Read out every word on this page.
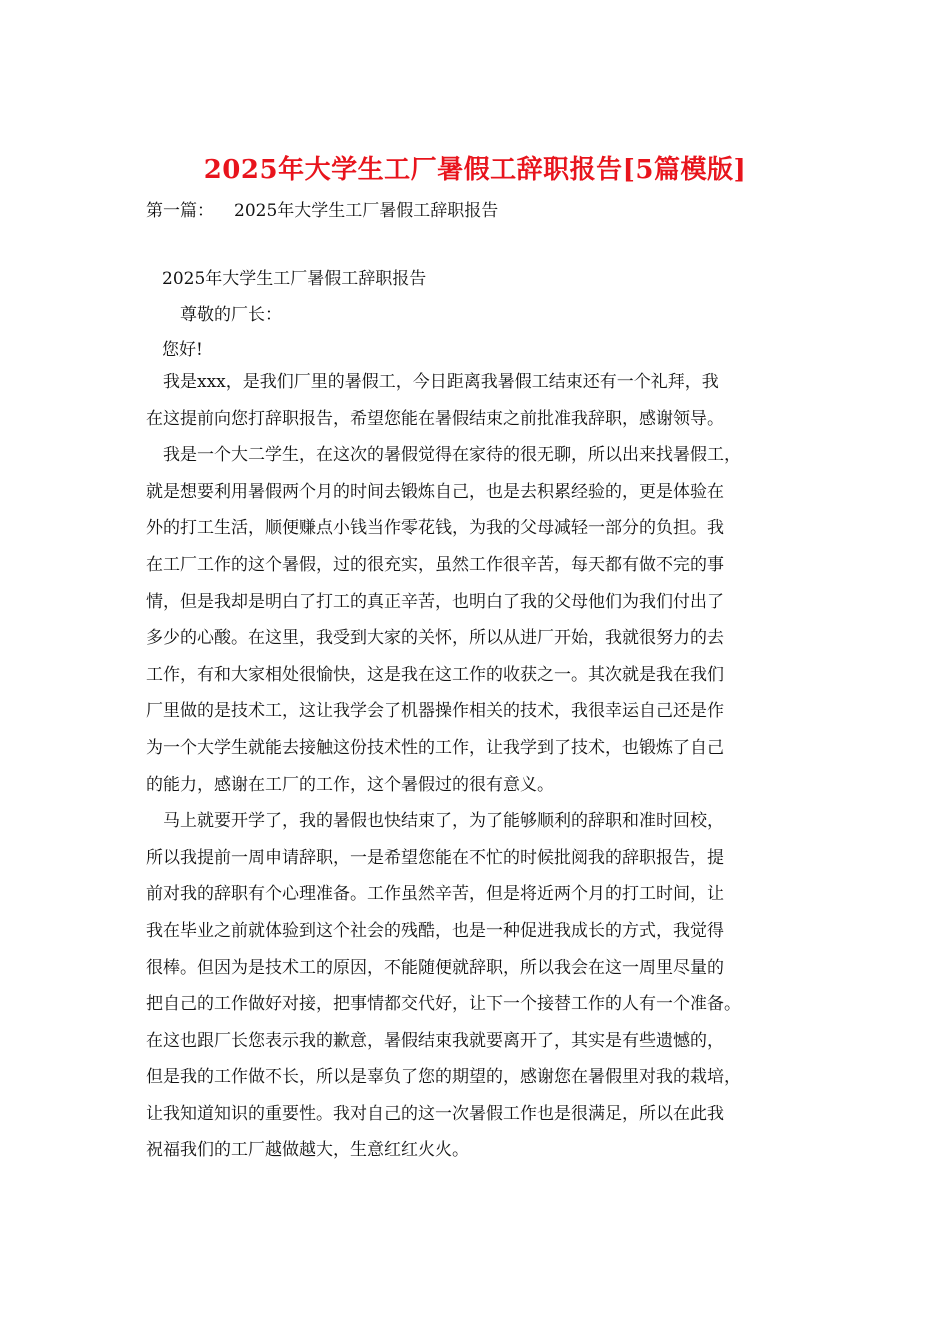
2025年大学生工厂暑假工辞职报告[5篇模版]
第一篇： 2025年大学生工厂暑假工辞职报告
2025年大学生工厂暑假工辞职报告
尊敬的厂长：
您好!
我是xxx，是我们厂里的暑假工，今日距离我暑假工结束还有一个礼拜，我
在这提前向您打辞职报告，希望您能在暑假结束之前批准我辞职，感谢领导。
我是一个大二学生，在这次的暑假觉得在家待的很无聊，所以出来找暑假工，
就是想要利用暑假两个月的时间去锻炼自己，也是去积累经验的，更是体验在
外的打工生活，顺便赚点小钱当作零花钱，为我的父母减轻一部分的负担。我
在工厂工作的这个暑假，过的很充实，虽然工作很辛苦，每天都有做不完的事
情，但是我却是明白了打工的真正辛苦，也明白了我的父母他们为我们付出了
多少的心酸。在这里，我受到大家的关怀，所以从进厂开始，我就很努力的去
工作，有和大家相处很愉快，这是我在这工作的收获之一。其次就是我在我们
厂里做的是技术工，这让我学会了机器操作相关的技术，我很幸运自己还是作
为一个大学生就能去接触这份技术性的工作，让我学到了技术，也锻炼了自己
的能力，感谢在工厂的工作，这个暑假过的很有意义。
马上就要开学了，我的暑假也快结束了，为了能够顺利的辞职和准时回校，
所以我提前一周申请辞职，一是希望您能在不忙的时候批阅我的辞职报告，提
前对我的辞职有个心理准备。工作虽然辛苦，但是将近两个月的打工时间，让
我在毕业之前就体验到这个社会的残酷，也是一种促进我成长的方式，我觉得
很棒。但因为是技术工的原因，不能随便就辞职，所以我会在这一周里尽量的
把自己的工作做好对接，把事情都交代好，让下一个接替工作的人有一个准备。
在这也跟厂长您表示我的歉意，暑假结束我就要离开了，其实是有些遗憾的，
但是我的工作做不长，所以是辜负了您的期望的，感谢您在暑假里对我的栽培，
让我知道知识的重要性。我对自己的这一次暑假工作也是很满足，所以在此我
祝福我们的工厂越做越大，生意红红火火。
